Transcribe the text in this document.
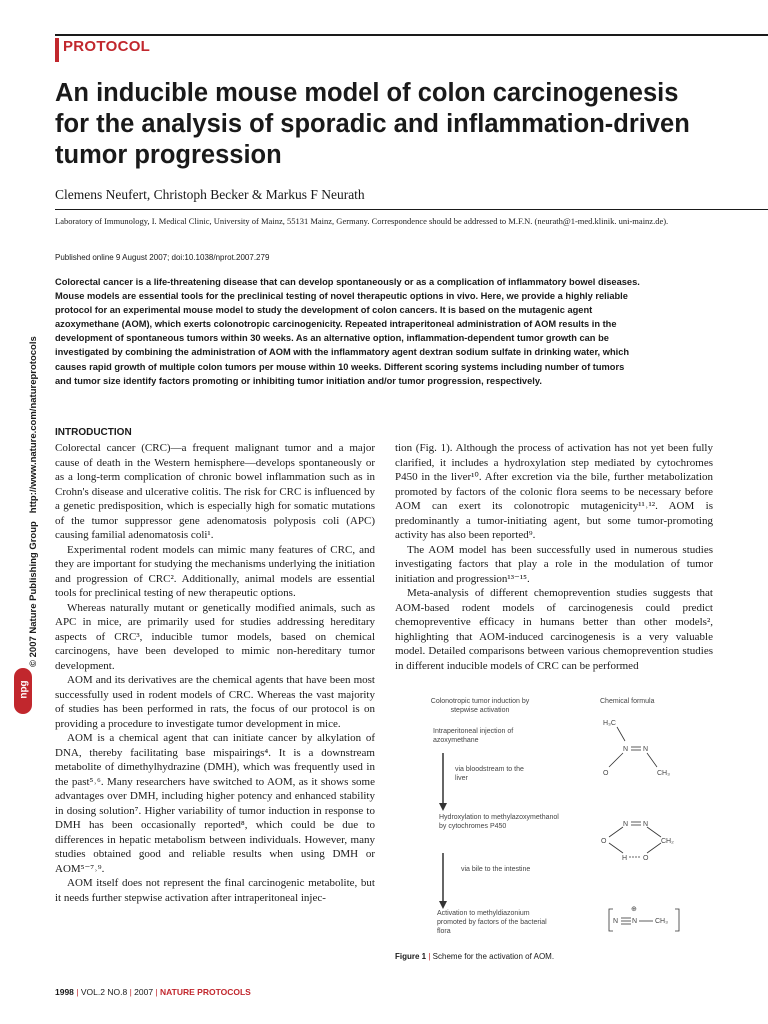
PROTOCOL
An inducible mouse model of colon carcinogenesis
for the analysis of sporadic and inflammation-driven
tumor progression
Clemens Neufert, Christoph Becker & Markus F Neurath
Laboratory of Immunology, I. Medical Clinic, University of Mainz, 55131 Mainz, Germany. Correspondence should be addressed to M.F.N. (neurath@1-med.klinik. uni-mainz.de).
Published online 9 August 2007; doi:10.1038/nprot.2007.279
Colorectal cancer is a life-threatening disease that can develop spontaneously or as a complication of inflammatory bowel diseases.
Mouse models are essential tools for the preclinical testing of novel therapeutic options in vivo. Here, we provide a highly reliable
protocol for an experimental mouse model to study the development of colon cancers. It is based on the mutagenic agent
azoxymethane (AOM), which exerts colonotropic carcinogenicity. Repeated intraperitoneal administration of AOM results in the
development of spontaneous tumors within 30 weeks. As an alternative option, inflammation-dependent tumor growth can be
investigated by combining the administration of AOM with the inflammatory agent dextran sodium sulfate in drinking water, which
causes rapid growth of multiple colon tumors per mouse within 10 weeks. Different scoring systems including number of tumors
and tumor size identify factors promoting or inhibiting tumor initiation and/or tumor progression, respectively.
© 2007 Nature Publishing Group   http://www.nature.com/natureprotocols
npg
INTRODUCTION

Colorectal cancer (CRC)—a frequent malignant tumor and a major cause of death in the Western hemisphere—develops spontaneously or as a long-term complication of chronic bowel inflammation such as in Crohn's disease and ulcerative colitis. The risk for CRC is influenced by a genetic predisposition, which is especially high for somatic mutations of the tumor suppressor gene adenomatosis polyposis coli (APC) causing familial adenomatosis coli¹.

Experimental rodent models can mimic many features of CRC, and they are important for studying the mechanisms underlying the initiation and progression of CRC². Additionally, animal models are essential tools for preclinical testing of new therapeutic options.

Whereas naturally mutant or genetically modified animals, such as APC in mice, are primarily used for studies addressing hereditary aspects of CRC³, inducible tumor models, based on chemical carcinogens, have been developed to mimic non-hereditary tumor development.

AOM and its derivatives are the chemical agents that have been most successfully used in rodent models of CRC. Whereas the vast majority of studies has been performed in rats, the focus of our protocol is on providing a procedure to investigate tumor development in mice.

AOM is a chemical agent that can initiate cancer by alkylation of DNA, thereby facilitating base mispairings⁴. It is a downstream metabolite of dimethylhydrazine (DMH), which was frequently used in the past⁵˒⁶. Many researchers have switched to AOM, as it shows some advantages over DMH, including higher potency and enhanced stability in dosing solution⁷. Higher variability of tumor induction in response to DMH has been occasionally reported⁸, which could be due to differences in hepatic metabolism between individuals. However, many studies obtained good and reliable results when using DMH or AOM⁵⁻⁷˒⁹.

AOM itself does not represent the final carcinogenic metabolite, but it needs further stepwise activation after intraperitoneal injec-

tion (Fig. 1). Although the process of activation has not yet been fully clarified, it includes a hydroxylation step mediated by cytochromes P450 in the liver¹⁰. After excretion via the bile, further metabolization promoted by factors of the colonic flora seems to be necessary before AOM can exert its colonotropic mutagenicity¹¹˒¹². AOM is predominantly a tumor-initiating agent, but some tumor-promoting activity has also been reported⁹.

The AOM model has been successfully used in numerous studies investigating factors that play a role in the modulation of tumor initiation and progression¹³⁻¹⁵.

Meta-analysis of different chemoprevention studies suggests that AOM-based rodent models of carcinogenesis could predict chemopreventive efficacy in humans better than other models², highlighting that AOM-induced carcinogenesis is a very valuable model. Detailed comparisons between various chemoprevention studies in different inducible models of CRC can be performed

Colonotropic tumor induction by stepwise activation
Chemical formula
Intraperitoneal injection of azoxymethane
via bloodstream to the liver
Hydroxylation to methylazoxymethanol by cytochromes P450
via bile to the intestine
Activation to methyldiazonium promoted by factors of the bacterial flora
H₃C
N N
O	CH₃
N N
O	CH₂
H O
N N
⊕
CH₃
Figure 1 | Scheme for the activation of AOM.
1998 | VOL.2 NO.8 | 2007 | NATURE PROTOCOLS
